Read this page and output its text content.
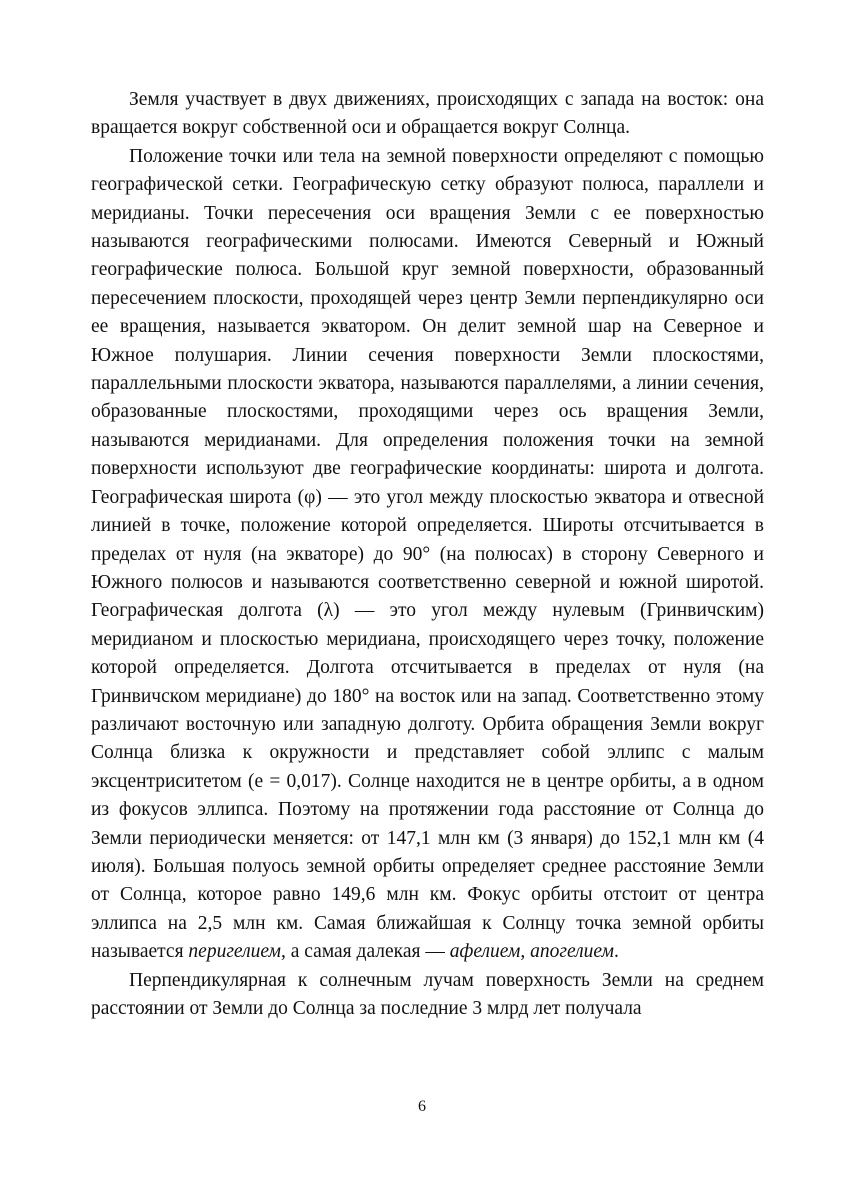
Земля участвует в двух движениях, происходящих с запада на восток: она вращается вокруг собственной оси и обращается вокруг Солнца.

Положение точки или тела на земной поверхности определяют с помощью географической сетки. Географическую сетку образуют полюса, параллели и меридианы. Точки пересечения оси вращения Земли с ее поверхностью называются географическими полюсами. Имеются Северный и Южный географические полюса. Большой круг земной поверхности, образованный пересечением плоскости, проходящей через центр Земли перпендикулярно оси ее вращения, называется экватором. Он делит земной шар на Северное и Южное полушария. Линии сечения поверхности Земли плоскостями, параллельными плоскости экватора, называются параллелями, а линии сечения, образованные плоскостями, проходящими через ось вращения Земли, называются меридианами. Для определения положения точки на земной поверхности используют две географические координаты: широта и долгота. Географическая широта (φ) — это угол между плоскостью экватора и отвесной линией в точке, положение которой определяется. Широты отсчитывается в пределах от нуля (на экваторе) до 90° (на полюсах) в сторону Северного и Южного полюсов и называются соответственно северной и южной широтой. Географическая долгота (λ) — это угол между нулевым (Гринвичским) меридианом и плоскостью меридиана, происходящего через точку, положение которой определяется. Долгота отсчитывается в пределах от нуля (на Гринвичском меридиане) до 180° на восток или на запад. Соответственно этому различают восточную или западную долготу. Орбита обращения Земли вокруг Солнца близка к окружности и представляет собой эллипс с малым эксцентриситетом (e = 0,017). Солнце находится не в центре орбиты, а в одном из фокусов эллипса. Поэтому на протяжении года расстояние от Солнца до Земли периодически меняется: от 147,1 млн км (3 января) до 152,1 млн км (4 июля). Большая полуось земной орбиты определяет среднее расстояние Земли от Солнца, которое равно 149,6 млн км. Фокус орбиты отстоит от центра эллипса на 2,5 млн км. Самая ближайшая к Солнцу точка земной орбиты называется перигелием, а самая далекая — афелием, апогелием.

Перпендикулярная к солнечным лучам поверхность Земли на среднем расстоянии от Земли до Солнца за последние 3 млрд лет получала

6
